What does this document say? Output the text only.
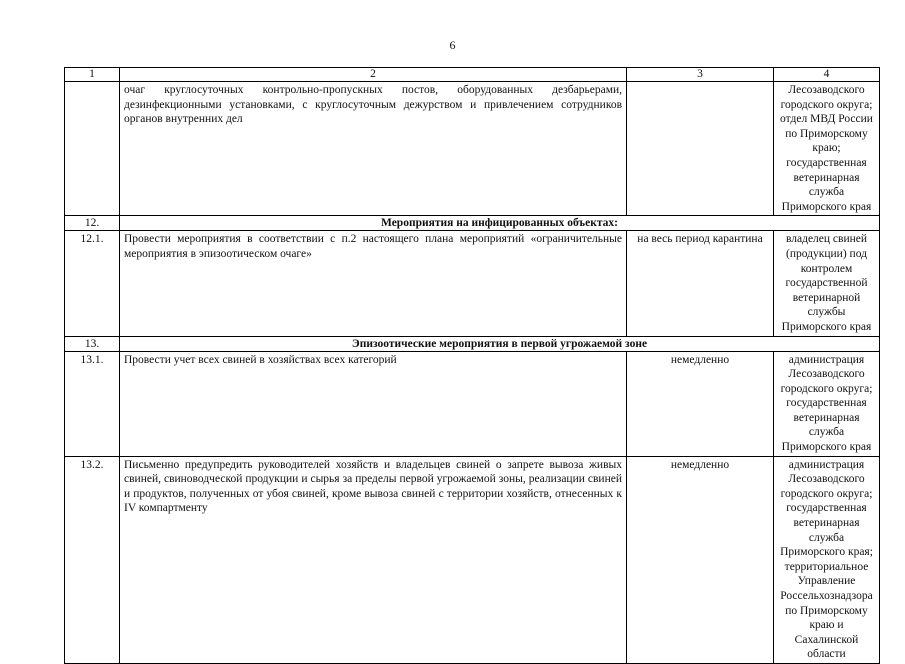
6
1	2	3	4
	очаг круглосуточных контрольно-пропускных постов, оборудованных дезбарьерами, дезинфекционными установками, с круглосуточным дежурством и привлечением сотрудников органов внутренних дел		Лесозаводского городского округа; отдел МВД России по Приморскому краю; государственная ветеринарная служба Приморского края
12.	Мероприятия на инфицированных объектах:		
12.1.	Провести мероприятия в соответствии с п.2 настоящего плана мероприятий «ограничительные мероприятия в эпизоотическом очаге»	на весь период карантина	владелец свиней (продукции) под контролем государственной ветеринарной службы Приморского края
13.	Эпизоотические мероприятия в первой угрожаемой зоне		
13.1.	Провести учет всех свиней в хозяйствах всех категорий	немедленно	администрация Лесозаводского городского округа; государственная ветеринарная служба Приморского края
13.2.	Письменно предупредить руководителей хозяйств и владельцев свиней о запрете вывоза живых свиней, свиноводческой продукции и сырья за пределы первой угрожаемой зоны, реализации свиней и продуктов, полученных от убоя свиней, кроме вывоза свиней с территории хозяйств, отнесенных к IV компартменту	немедленно	администрация Лесозаводского городского округа; государственная ветеринарная служба Приморского края; территориальное Управление Россельхознадзора по Приморскому краю и Сахалинской области
